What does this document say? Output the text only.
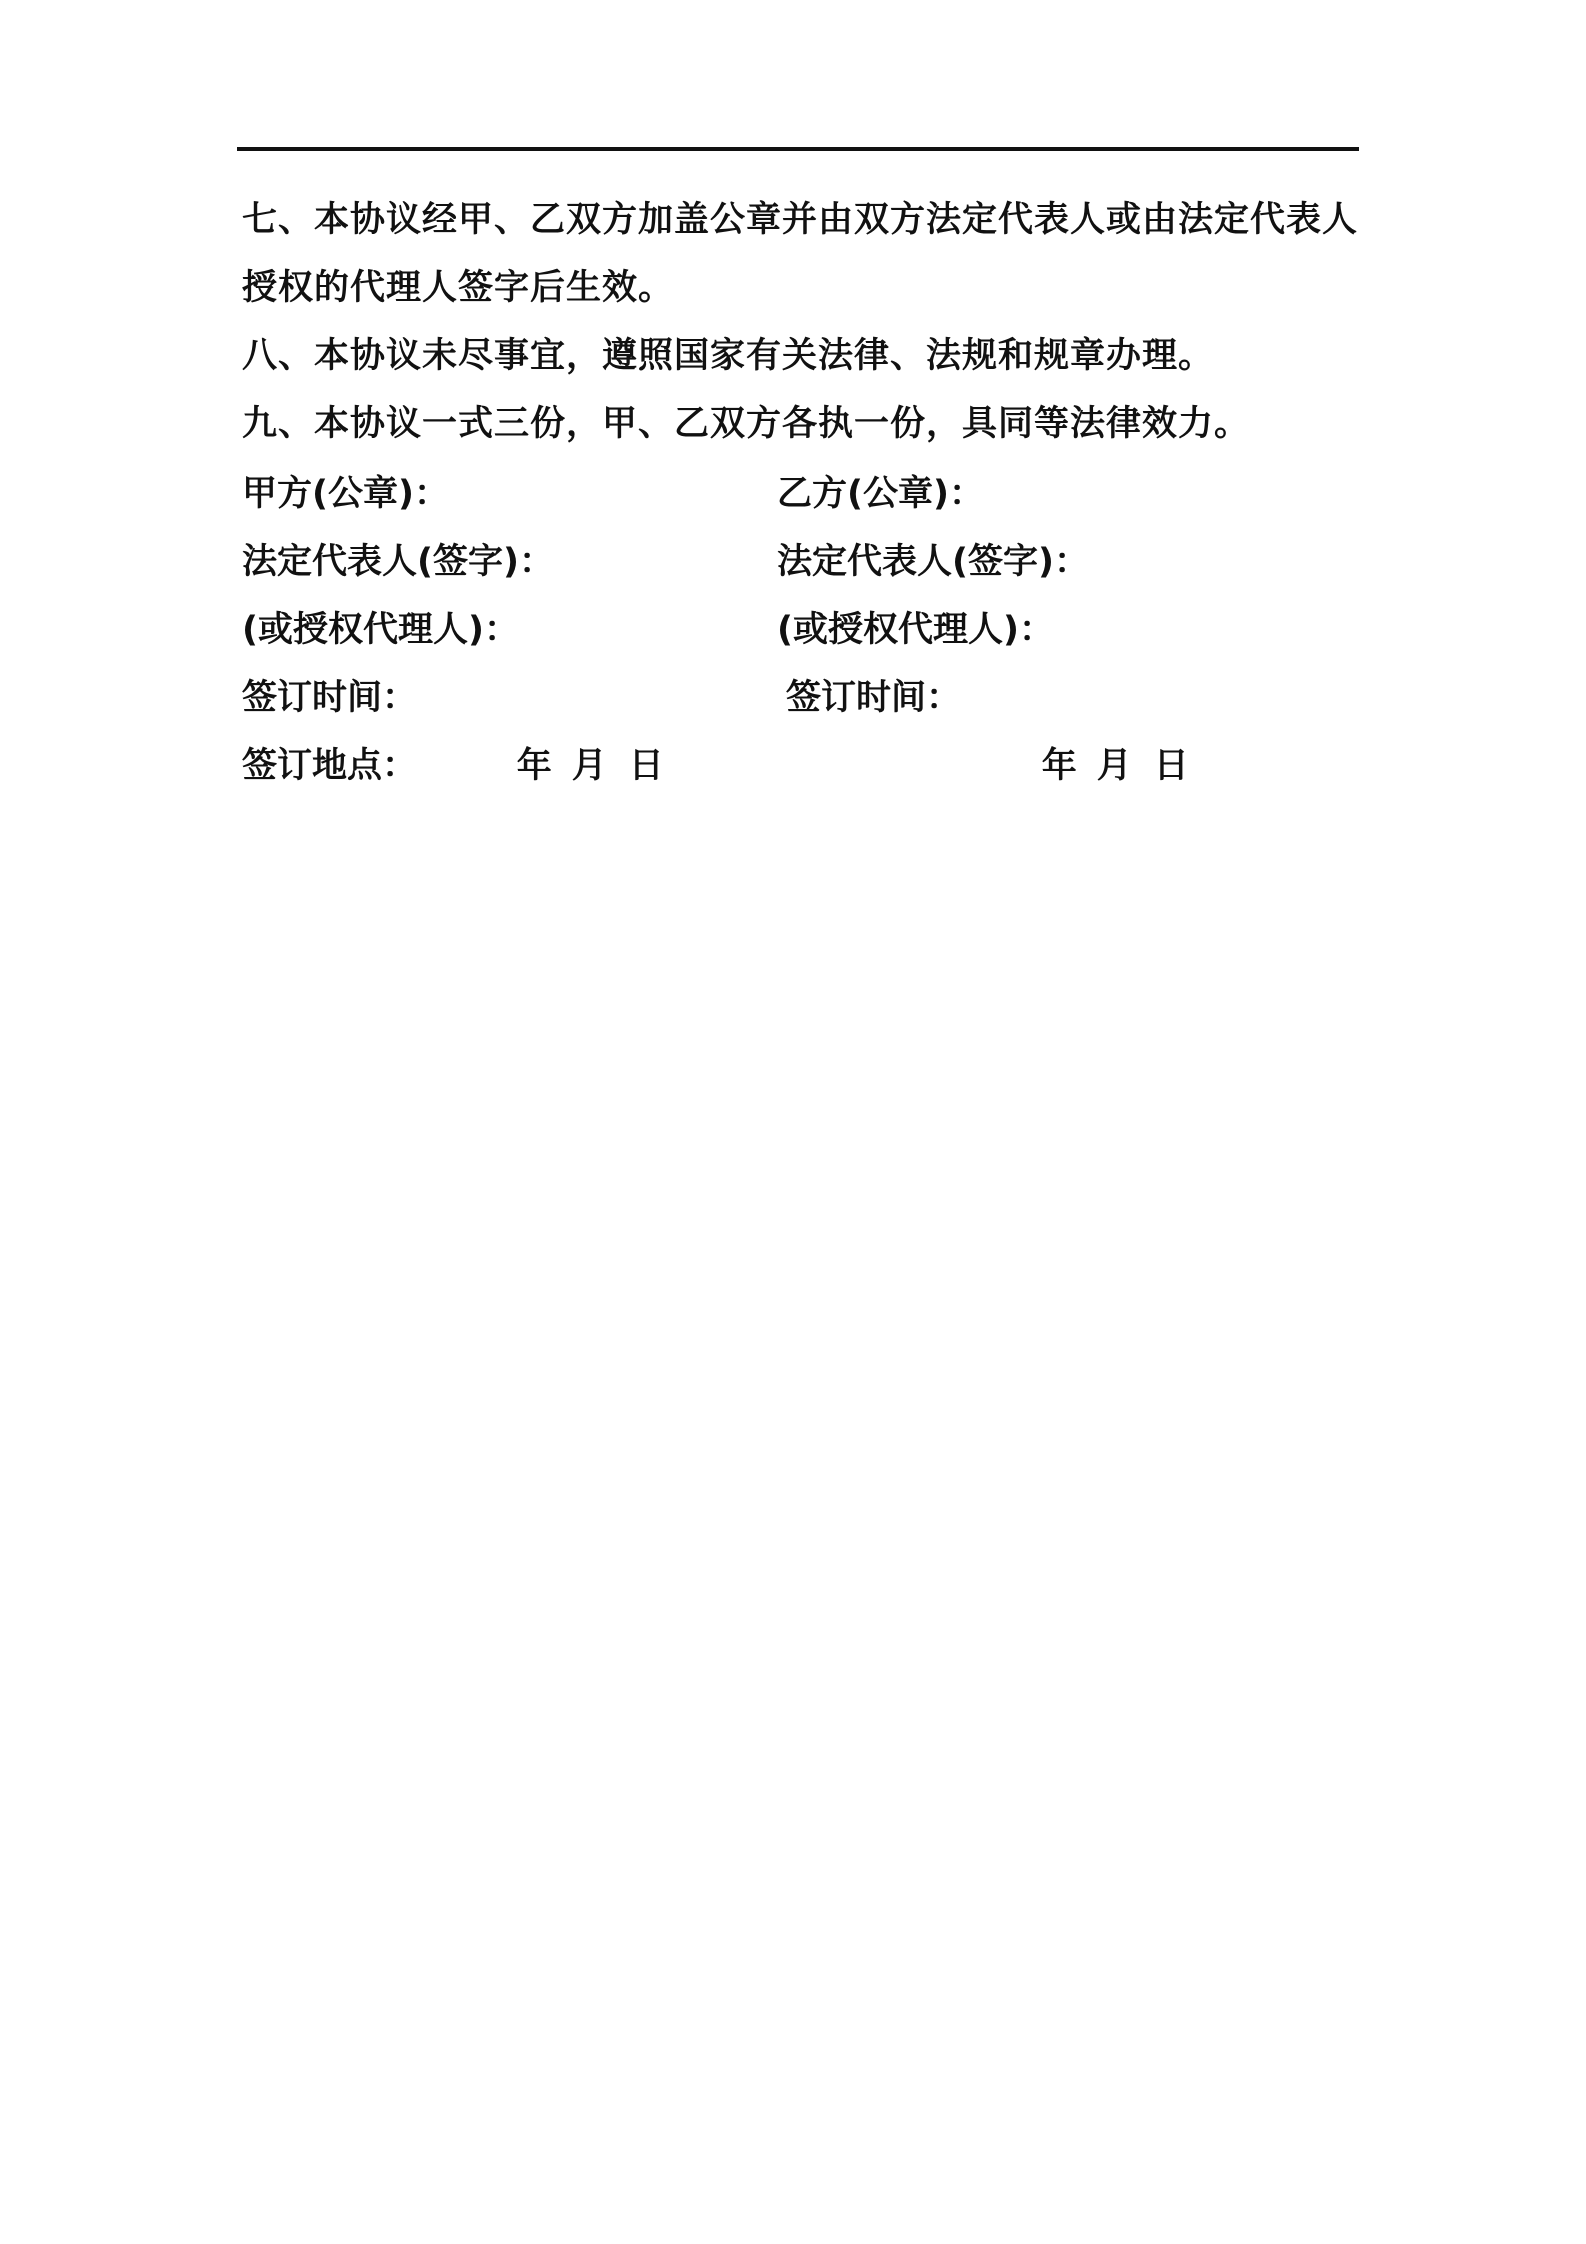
七、本协议经甲、乙双方加盖公章并由双方法定代表人或由法定代表人授权的代理人签字后生效。

八、本协议未尽事宜，遵照国家有关法律、法规和规章办理。

九、本协议一式三份，甲、乙双方各执一份，具同等法律效力。

甲方(公章)：
法定代表人(签字)：
(或授权代理人)：
签订时间：

年 月 日

签订地点：
乙方(公章)：
法定代表人(签字)：
(或授权代理人)：
签订时间：

年 月 日
